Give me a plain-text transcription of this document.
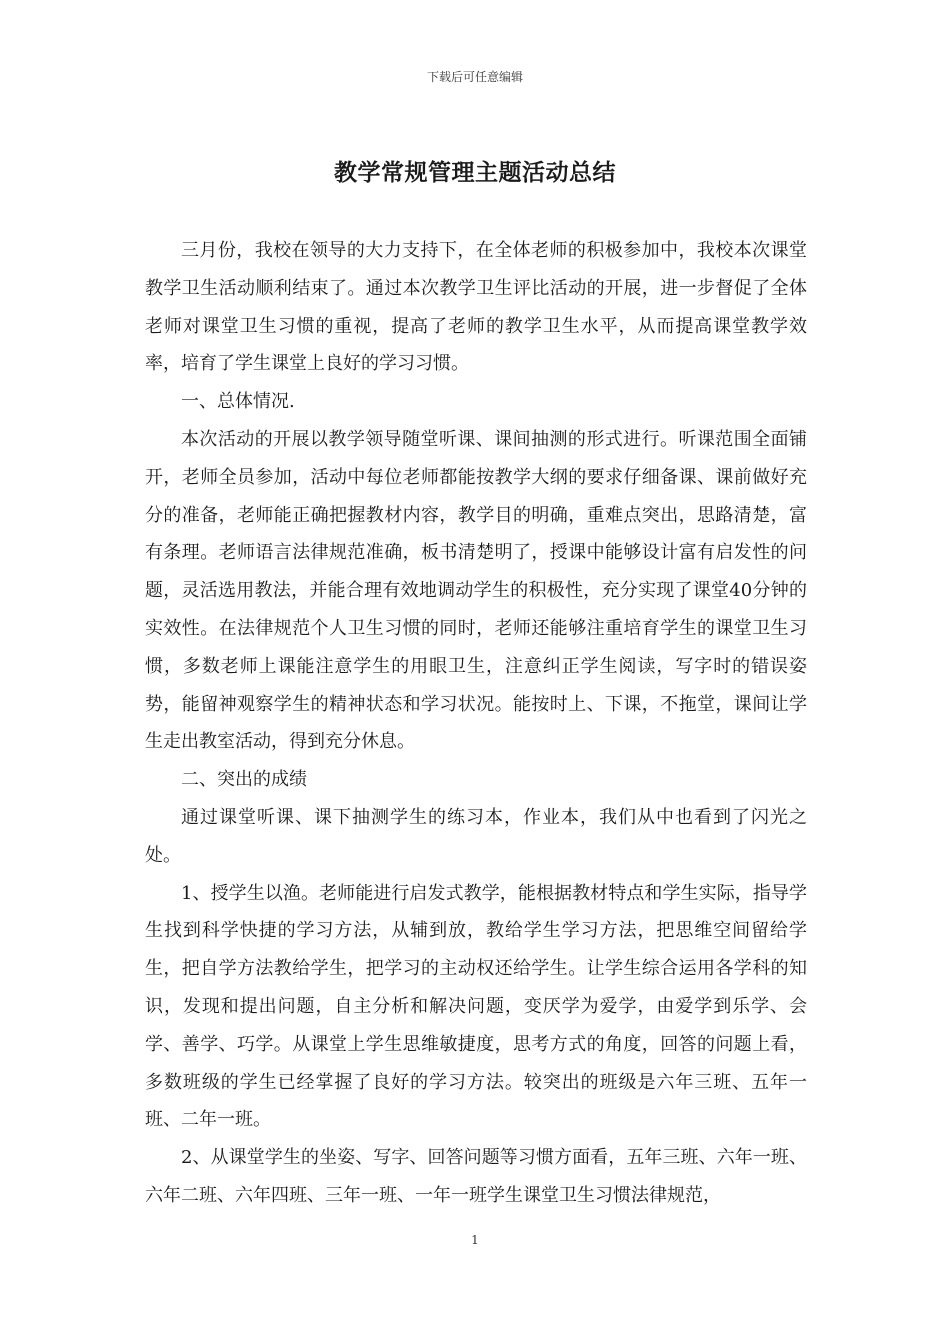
下载后可任意编辑
教学常规管理主题活动总结

三月份，我校在领导的大力支持下，在全体老师的积极参加中，我校本次课堂教学卫生活动顺利结束了。通过本次教学卫生评比活动的开展，进一步督促了全体老师对课堂卫生习惯的重视，提高了老师的教学卫生水平，从而提高课堂教学效率，培育了学生课堂上良好的学习习惯。

一、总体情况.

本次活动的开展以教学领导随堂听课、课间抽测的形式进行。听课范围全面铺开，老师全员参加，活动中每位老师都能按教学大纲的要求仔细备课、课前做好充分的准备，老师能正确把握教材内容，教学目的明确，重难点突出，思路清楚，富有条理。老师语言法律规范准确，板书清楚明了，授课中能够设计富有启发性的问题，灵活选用教法，并能合理有效地调动学生的积极性，充分实现了课堂40分钟的实效性。在法律规范个人卫生习惯的同时，老师还能够注重培育学生的课堂卫生习惯，多数老师上课能注意学生的用眼卫生，注意纠正学生阅读，写字时的错误姿势，能留神观察学生的精神状态和学习状况。能按时上、下课，不拖堂，课间让学生走出教室活动，得到充分休息。

二、突出的成绩

通过课堂听课、课下抽测学生的练习本，作业本，我们从中也看到了闪光之处。

1、授学生以渔。老师能进行启发式教学，能根据教材特点和学生实际，指导学生找到科学快捷的学习方法，从辅到放，教给学生学习方法，把思维空间留给学生，把自学方法教给学生，把学习的主动权还给学生。让学生综合运用各学科的知识，发现和提出问题，自主分析和解决问题，变厌学为爱学，由爱学到乐学、会学、善学、巧学。从课堂上学生思维敏捷度，思考方式的角度，回答的问题上看，多数班级的学生已经掌握了良好的学习方法。较突出的班级是六年三班、五年一班、二年一班。

2、从课堂学生的坐姿、写字、回答问题等习惯方面看，五年三班、六年一班、六年二班、六年四班、三年一班、一年一班学生课堂卫生习惯法律规范，

1
